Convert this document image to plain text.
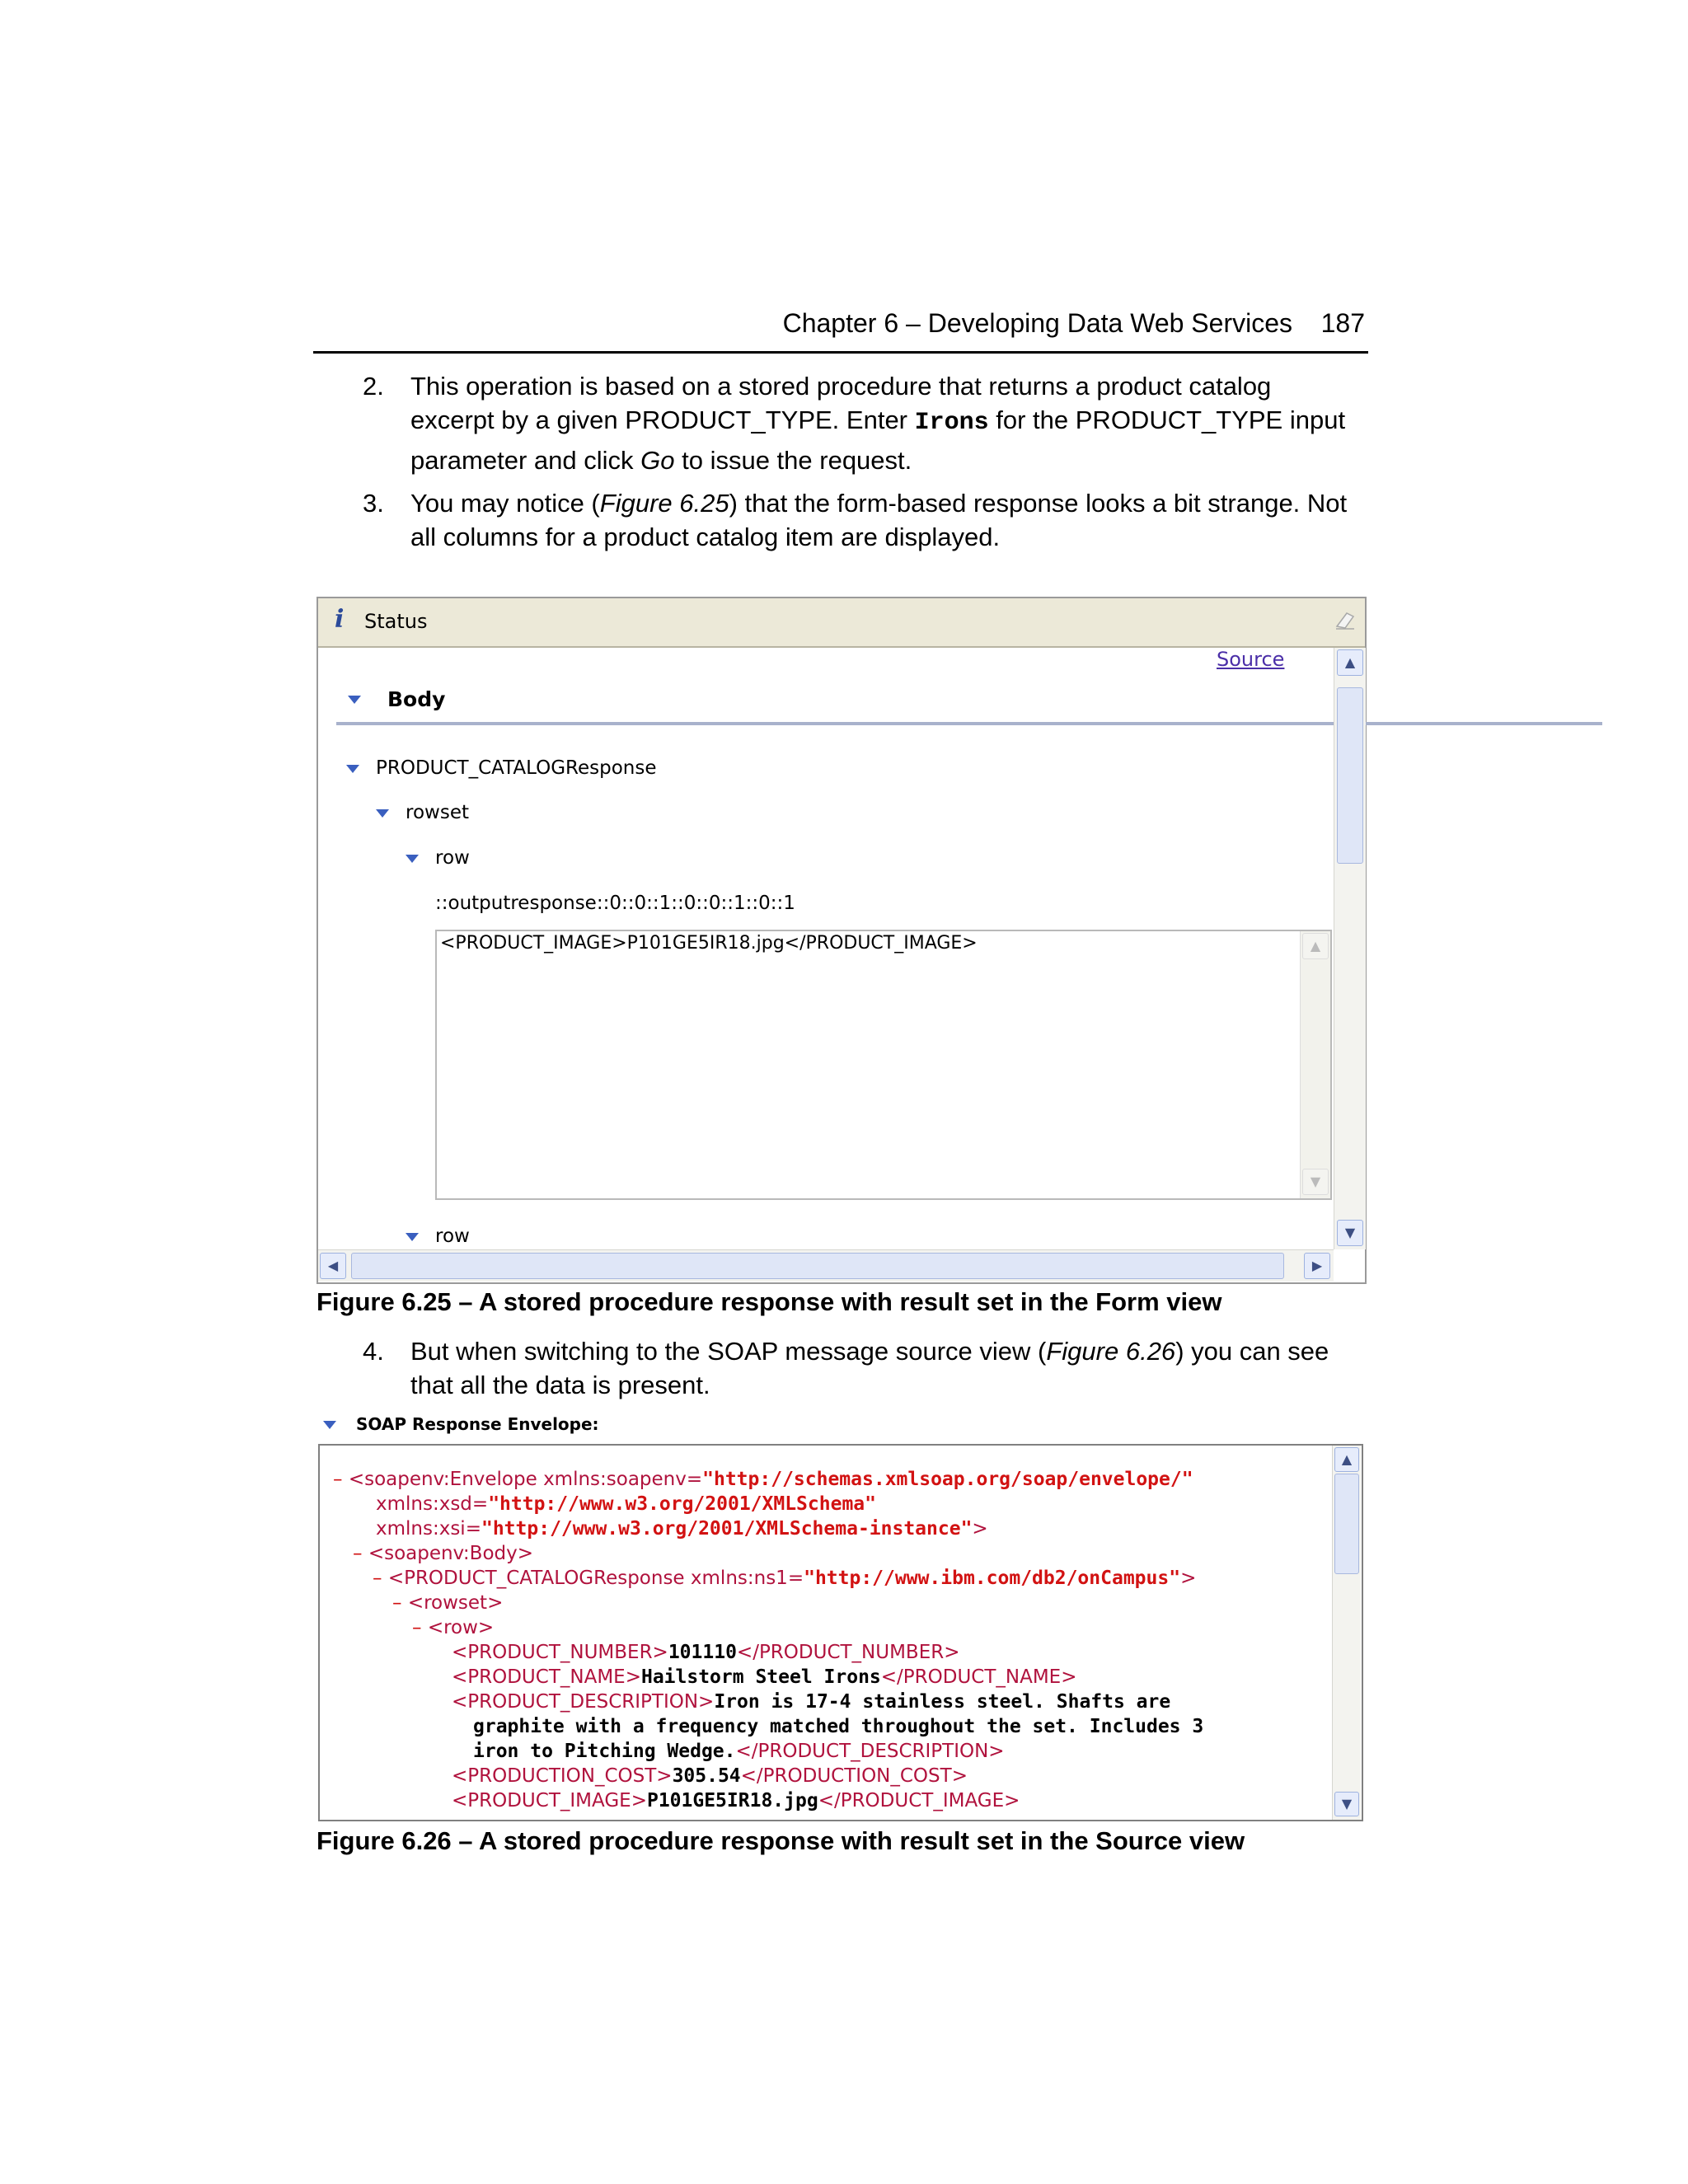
Chapter 6 – Developing Data Web Services 187
2. This operation is based on a stored procedure that returns a product catalog
excerpt by a given PRODUCT_TYPE. Enter Irons for the PRODUCT_TYPE input
parameter and click Go to issue the request.
3. You may notice (Figure 6.25) that the form-based response looks a bit strange. Not
all columns for a product catalog item are displayed.
i Status
Source
Body
PRODUCT_CATALOGResponse
rowset
row
::outputresponse::0::0::1::0::0::1::0::1
<PRODUCT_IMAGE>P101GE5IR18.jpg</PRODUCT_IMAGE>	▲
▼
row
▲
▼
◀	▶
Figure 6.25 – A stored procedure response with result set in the Form view
4. But when switching to the SOAP message source view (Figure 6.26) you can see
that all the data is present.
SOAP Response Envelope:
– <soapenv:Envelope xmlns:soapenv="http://schemas.xmlsoap.org/soap/envelope/"
xmlns:xsd="http://www.w3.org/2001/XMLSchema"
xmlns:xsi="http://www.w3.org/2001/XMLSchema-instance">
– <soapenv:Body>
– <PRODUCT_CATALOGResponse xmlns:ns1="http://www.ibm.com/db2/onCampus">
– <rowset>
– <row>
<PRODUCT_NUMBER>101110</PRODUCT_NUMBER>
<PRODUCT_NAME>Hailstorm Steel Irons</PRODUCT_NAME>
<PRODUCT_DESCRIPTION>Iron is 17-4 stainless steel. Shafts are
graphite with a frequency matched throughout the set. Includes 3
iron to Pitching Wedge.</PRODUCT_DESCRIPTION>
<PRODUCTION_COST>305.54</PRODUCTION_COST>
<PRODUCT_IMAGE>P101GE5IR18.jpg</PRODUCT_IMAGE>
▲
▼
Figure 6.26 – A stored procedure response with result set in the Source view
